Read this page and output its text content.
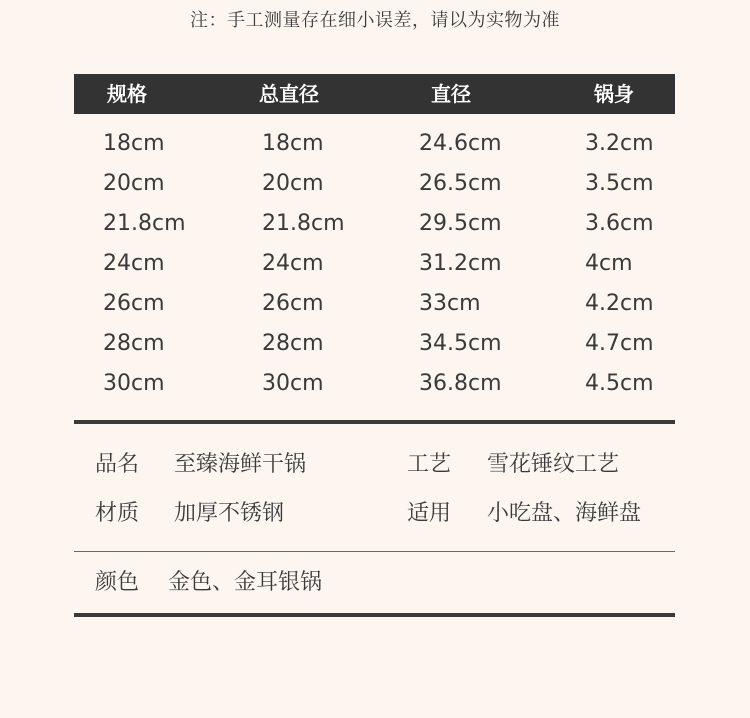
注：手工测量存在细小误差，请以为实物为准
规格	总直径	直径	锅身
18cm	18cm	24.6cm	3.2cm
20cm	20cm	26.5cm	3.5cm
21.8cm	21.8cm	29.5cm	3.6cm
24cm	24cm	31.2cm	4cm
26cm	26cm	33cm	4.2cm
28cm	28cm	34.5cm	4.7cm
30cm	30cm	36.8cm	4.5cm
品名 至臻海鲜干锅	工艺 雪花锤纹工艺
材质 加厚不锈钢	适用 小吃盘、海鲜盘
颜色 金色、金耳银锅
